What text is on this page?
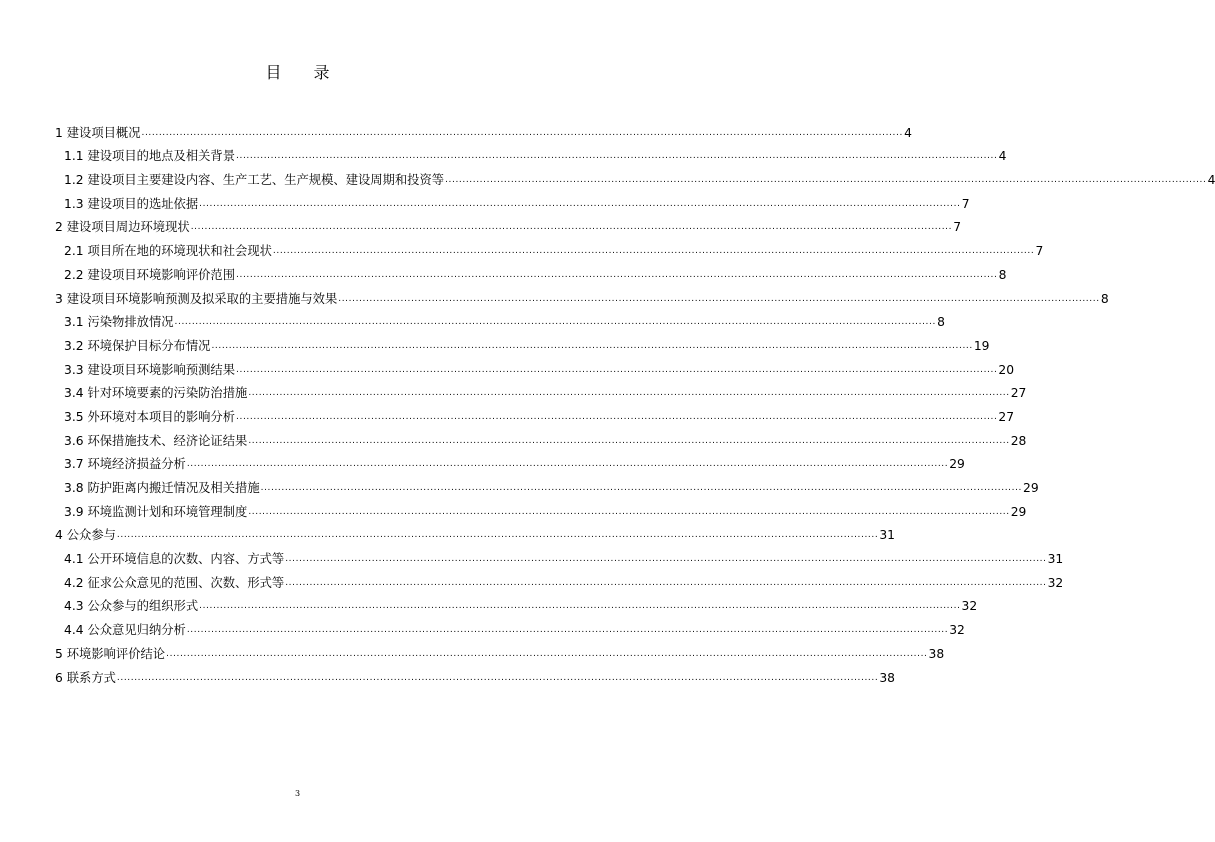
目　　录
1 建设项目概况 ............................................................................................................................................................................................................................ 4
1.1 建设项目的地点及相关背景 ............................................................................................................................................................................................................................ 4
1.2 建设项目主要建设内容、生产工艺、生产规模、建设周期和投资等 ............................................................................................................................................................................................................................ 4
1.3 建设项目的选址依据 ............................................................................................................................................................................................................................ 7
2 建设项目周边环境现状 ............................................................................................................................................................................................................................ 7
2.1 项目所在地的环境现状和社会现状 ............................................................................................................................................................................................................................ 7
2.2 建设项目环境影响评价范围 ............................................................................................................................................................................................................................ 8
3 建设项目环境影响预测及拟采取的主要措施与效果 ............................................................................................................................................................................................................................ 8
3.1 污染物排放情况 ............................................................................................................................................................................................................................ 8
3.2 环境保护目标分布情况 ............................................................................................................................................................................................................................ 19
3.3 建设项目环境影响预测结果 ............................................................................................................................................................................................................................ 20
3.4 针对环境要素的污染防治措施 ............................................................................................................................................................................................................................ 27
3.5 外环境对本项目的影响分析 ............................................................................................................................................................................................................................ 27
3.6 环保措施技术、经济论证结果 ............................................................................................................................................................................................................................ 28
3.7 环境经济损益分析 ............................................................................................................................................................................................................................ 29
3.8 防护距离内搬迁情况及相关措施 ............................................................................................................................................................................................................................ 29
3.9 环境监测计划和环境管理制度 ............................................................................................................................................................................................................................ 29
4 公众参与 ............................................................................................................................................................................................................................ 31
4.1 公开环境信息的次数、内容、方式等 ............................................................................................................................................................................................................................ 31
4.2 征求公众意见的范围、次数、形式等 ............................................................................................................................................................................................................................ 32
4.3 公众参与的组织形式 ............................................................................................................................................................................................................................ 32
4.4 公众意见归纳分析 ............................................................................................................................................................................................................................ 32
5 环境影响评价结论 ............................................................................................................................................................................................................................ 38
6 联系方式 ............................................................................................................................................................................................................................ 38
3
